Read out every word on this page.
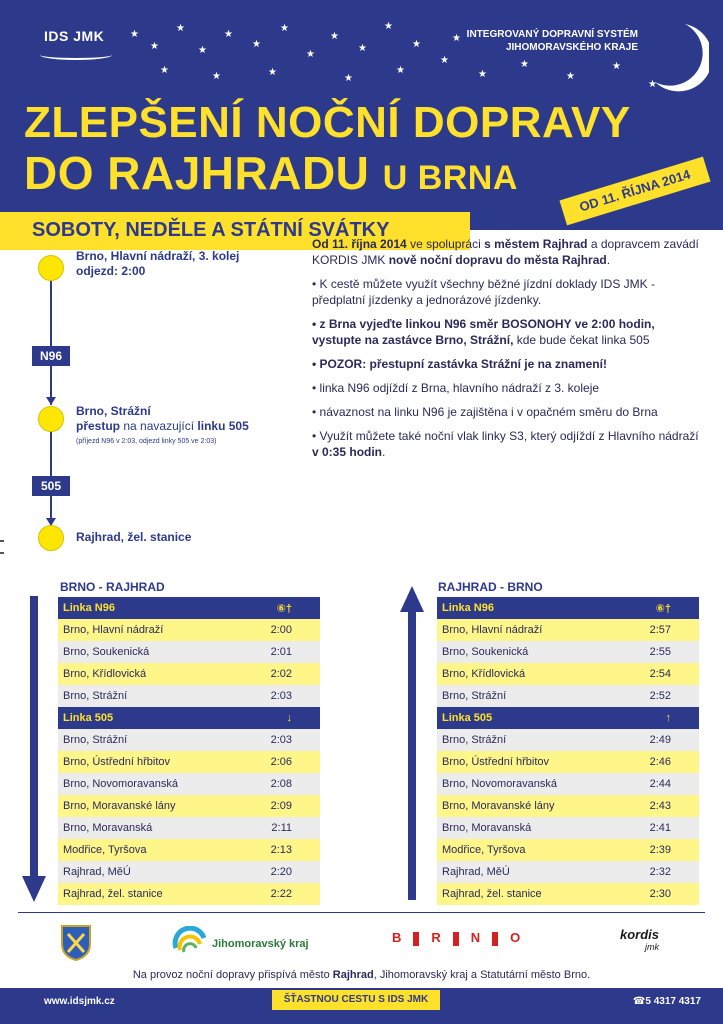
IDS JMK	INTEGROVANÝ DOPRAVNÍ SYSTÉM
JIHOMORAVSKÉHO KRAJE
★
★
★
★
★
★
★
★
★
★
★
★
★
★
★	★
★
★	★
★
★
★
★
★
ZLEPŠENÍ NOČNÍ DOPRAVY
DO RAJHRADU U BRNA
SOBOTY, NEDĚLE A STÁTNÍ SVÁTKY
OD 11. ŘÍJNA 2014
Brno, Hlavní nádraží, 3. kolej
odjezd: 2:00
N96
Brno, Strážní
přestup na navazující linku 505
(příjezd N96 v 2:03, odjezd linky 505 ve 2:03)
505
Rajhrad, žel. stanice

Od 11. října 2014 ve spolupráci s městem Rajhrad a dopravcem zavádí KORDIS JMK nově noční dopravu do města Rajhrad.

• K cestě můžete využít všechny běžné jízdní doklady IDS JMK - předplatní jízdenky a jednorázové jízdenky.

• z Brna vyjeďte linkou N96 směr BOSONOHY ve 2:00 hodin, vystupte na zastávce Brno, Strážní, kde bude čekat linka 505

• POZOR: přestupní zastávka Strážní je na znamení!

• linka N96 odjíždí z Brna, hlavního nádraží z 3. koleje

• návaznost na linku N96 je zajištěna i v opačném směru do Brna

• Využít můžete také noční vlak linky S3, který odjíždí z Hlavního nádraží v 0:35 hodin.

BRNO - RAJHRAD
Linka N96	⑥†
Brno, Hlavní nádraží	2:00
Brno, Soukenická	2:01
Brno, Křídlovická	2:02
Brno, Strážní	2:03
Linka 505	↓
Brno, Strážní	2:03
Brno, Ústřední hřbitov	2:06
Brno, Novomoravanská	2:08
Brno, Moravanské lány	2:09
Brno, Moravanská	2:11
Modřice, Tyršova	2:13
Rajhrad, MěÚ	2:20
Rajhrad, žel. stanice	2:22
RAJHRAD - BRNO
Linka N96	⑥†
Brno, Hlavní nádraží	2:57
Brno, Soukenická	2:55
Brno, Křídlovická	2:54
Brno, Strážní	2:52
Linka 505	↑
Brno, Strážní	2:49
Brno, Ústřední hřbitov	2:46
Brno, Novomoravanská	2:44
Brno, Moravanské lány	2:43
Brno, Moravanská	2:41
Modřice, Tyršova	2:39
Rajhrad, MěÚ	2:32
Rajhrad, žel. stanice	2:30
Jihomoravský kraj	B R N O	kordis
jmk
Na provoz noční dopravy přispívá město Rajhrad, Jihomoravský kraj a Statutární město Brno.
www.idsjmk.cz	ŠŤASTNOU CESTU S IDS JMK	☎5 4317 4317
